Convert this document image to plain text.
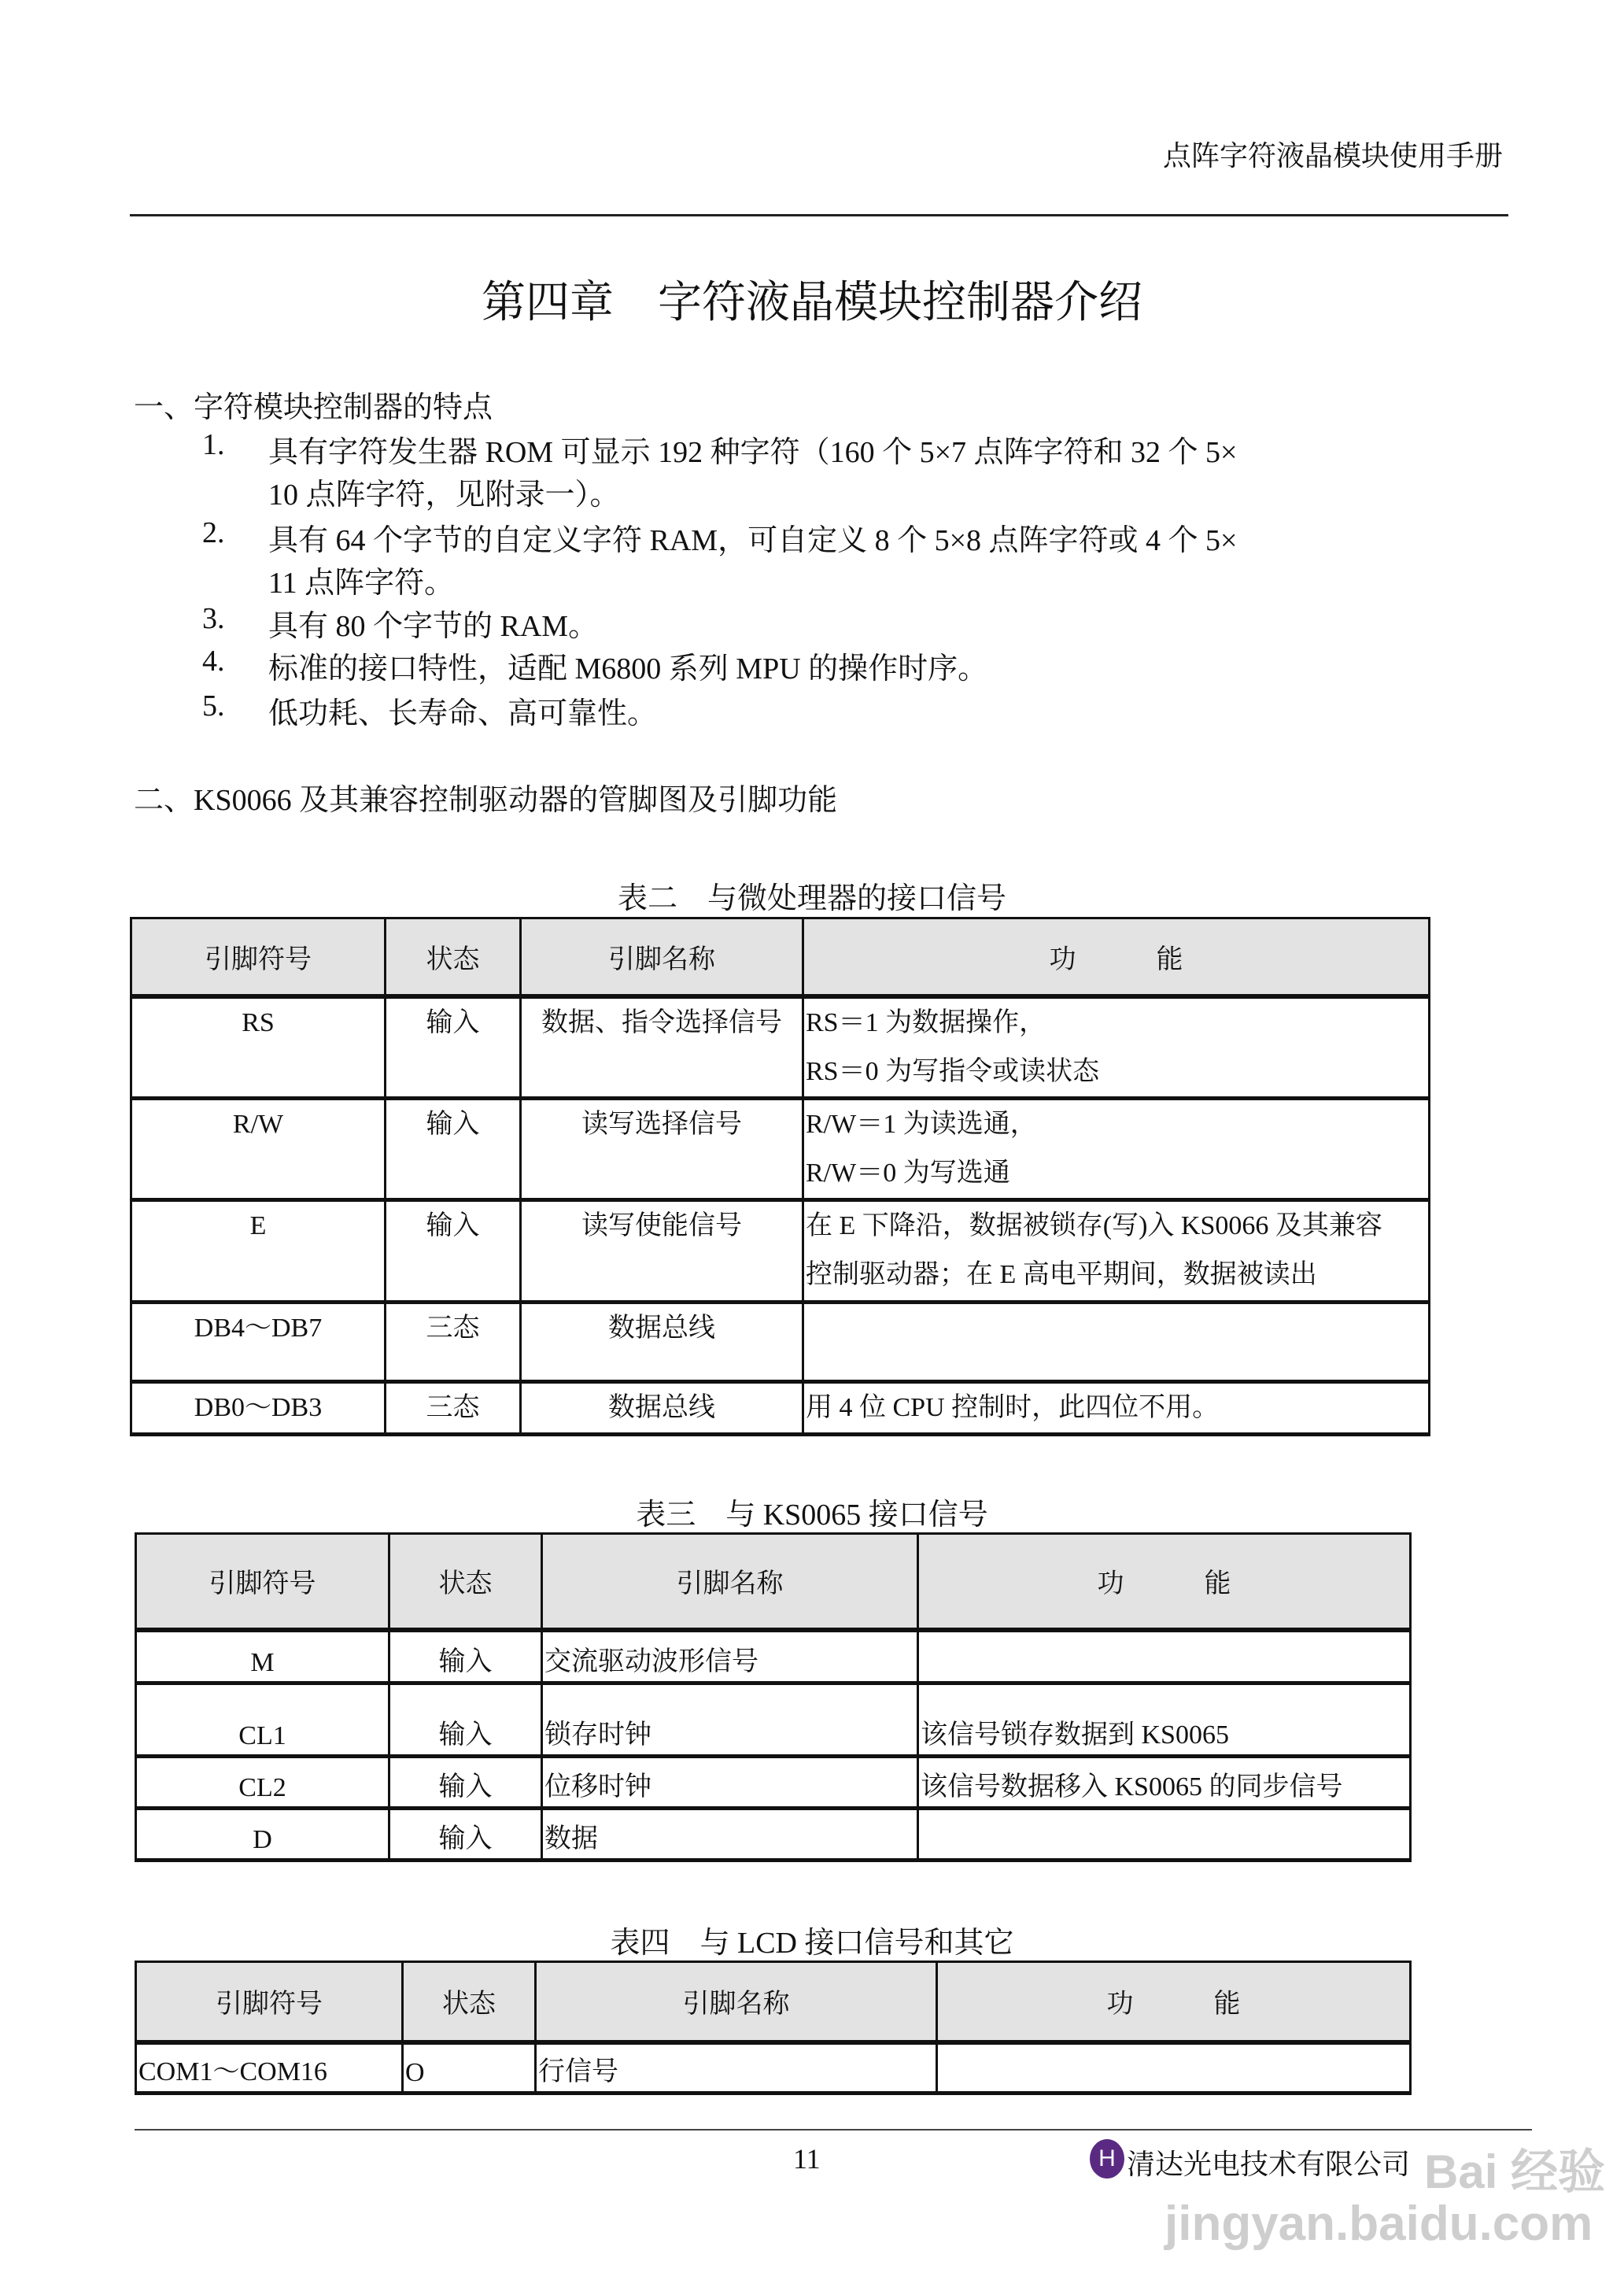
点阵字符液晶模块使用手册
第四章　字符液晶模块控制器介绍
一、字符模块控制器的特点
1. 具有字符发生器 ROM 可显示 192 种字符（160 个 5×7 点阵字符和 32 个 5×
10 点阵字符，见附录一）。
2. 具有 64 个字节的自定义字符 RAM，可自定义 8 个 5×8 点阵字符或 4 个 5×
11 点阵字符。
3. 具有 80 个字节的 RAM。
4. 标准的接口特性，适配 M6800 系列 MPU 的操作时序。
5. 低功耗、长寿命、高可靠性。
二、KS0066 及其兼容控制驱动器的管脚图及引脚功能
表二　与微处理器的接口信号
引脚符号	状态	引脚名称	功　　　能

RS	输入	数据、指令选择信号	RS＝1 为数据操作，
RS＝0 为写指令或读状态

R/W	输入	读写选择信号	R/W＝1 为读选通，
R/W＝0 为写选通

E	输入	读写使能信号	在 E 下降沿，数据被锁存(写)入 KS0066 及其兼容
控制驱动器；在 E 高电平期间，数据被读出

DB4～DB7	三态	数据总线	

DB0～DB3	三态	数据总线	用 4 位 CPU 控制时，此四位不用。
表三　与 KS0065 接口信号
引脚符号	状态	引脚名称	功　　　能
M	输入	交流驱动波形信号	
CL1	输入	锁存时钟	该信号锁存数据到 KS0065
CL2	输入	位移时钟	该信号数据移入 KS0065 的同步信号
D	输入	数据	
表四　与 LCD 接口信号和其它
引脚符号	状态	引脚名称	功　　　能
COM1～COM16	O	行信号	
11	H 清达光电技术有限公司 Bai 经验
jingyan.baidu.com
